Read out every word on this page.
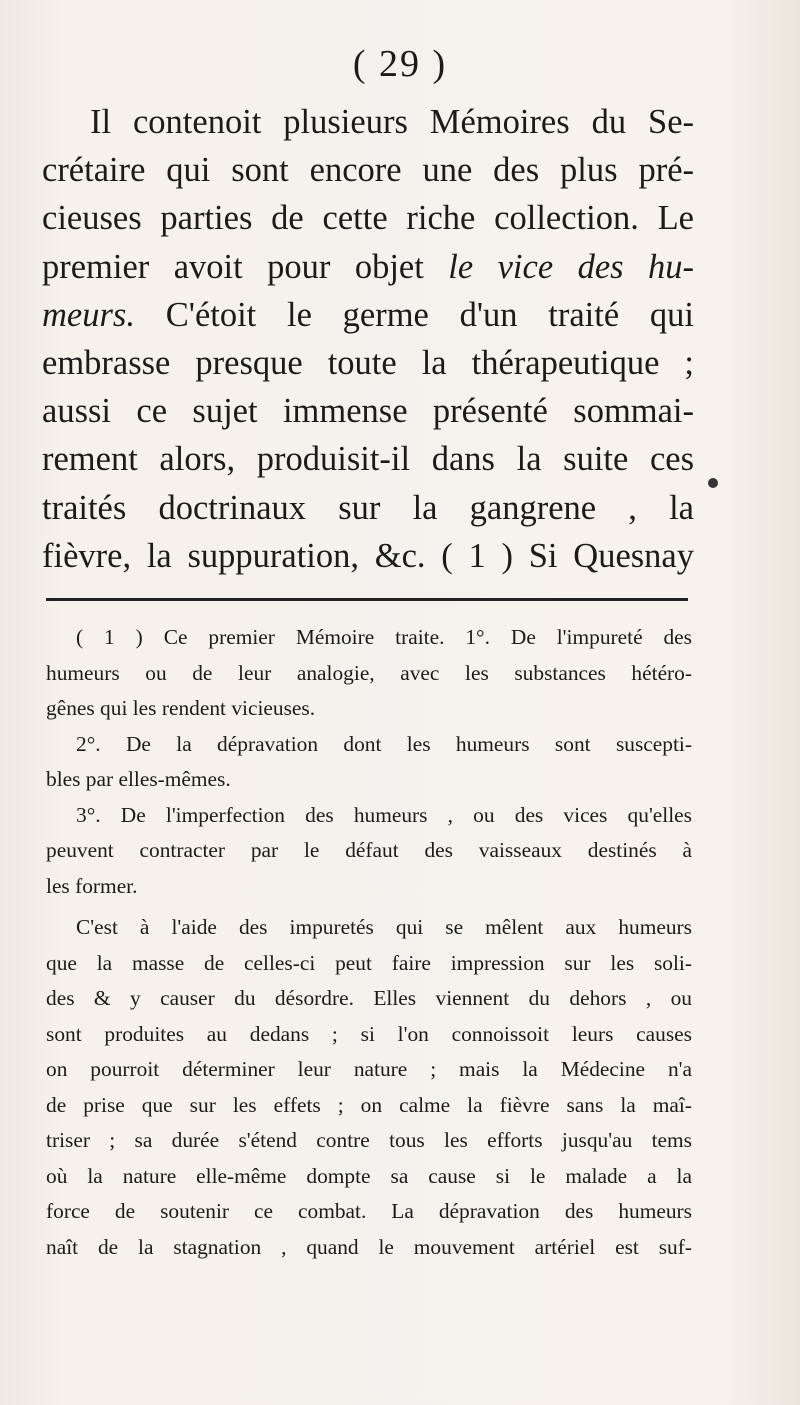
( 29 )
Il contenoit plusieurs Mémoires du Se-
crétaire qui sont encore une des plus pré-
cieuses parties de cette riche collection. Le
premier avoit pour objet le vice des hu-
meurs. C'étoit le germe d'un traité qui
embrasse presque toute la thérapeutique ;
aussi ce sujet immense présenté sommai-
rement alors, produisit-il dans la suite ces
traités doctrinaux sur la gangrene , la
fièvre, la suppuration, &c. ( 1 ) Si Quesnay
( 1 ) Ce premier Mémoire traite. 1°. De l'impureté des
humeurs ou de leur analogie, avec les substances hétéro-
gênes qui les rendent vicieuses.
2°. De la dépravation dont les humeurs sont suscepti-
bles par elles-mêmes.
3°. De l'imperfection des humeurs , ou des vices qu'elles
peuvent contracter par le défaut des vaisseaux destinés à
les former.
C'est à l'aide des impuretés qui se mêlent aux humeurs
que la masse de celles-ci peut faire impression sur les soli-
des & y causer du désordre. Elles viennent du dehors , ou
sont produites au dedans ; si l'on connoissoit leurs causes
on pourroit déterminer leur nature ; mais la Médecine n'a
de prise que sur les effets ; on calme la fièvre sans la maî-
triser ; sa durée s'étend contre tous les efforts jusqu'au tems
où la nature elle-même dompte sa cause si le malade a la
force de soutenir ce combat. La dépravation des humeurs
naît de la stagnation , quand le mouvement artériel est suf-
